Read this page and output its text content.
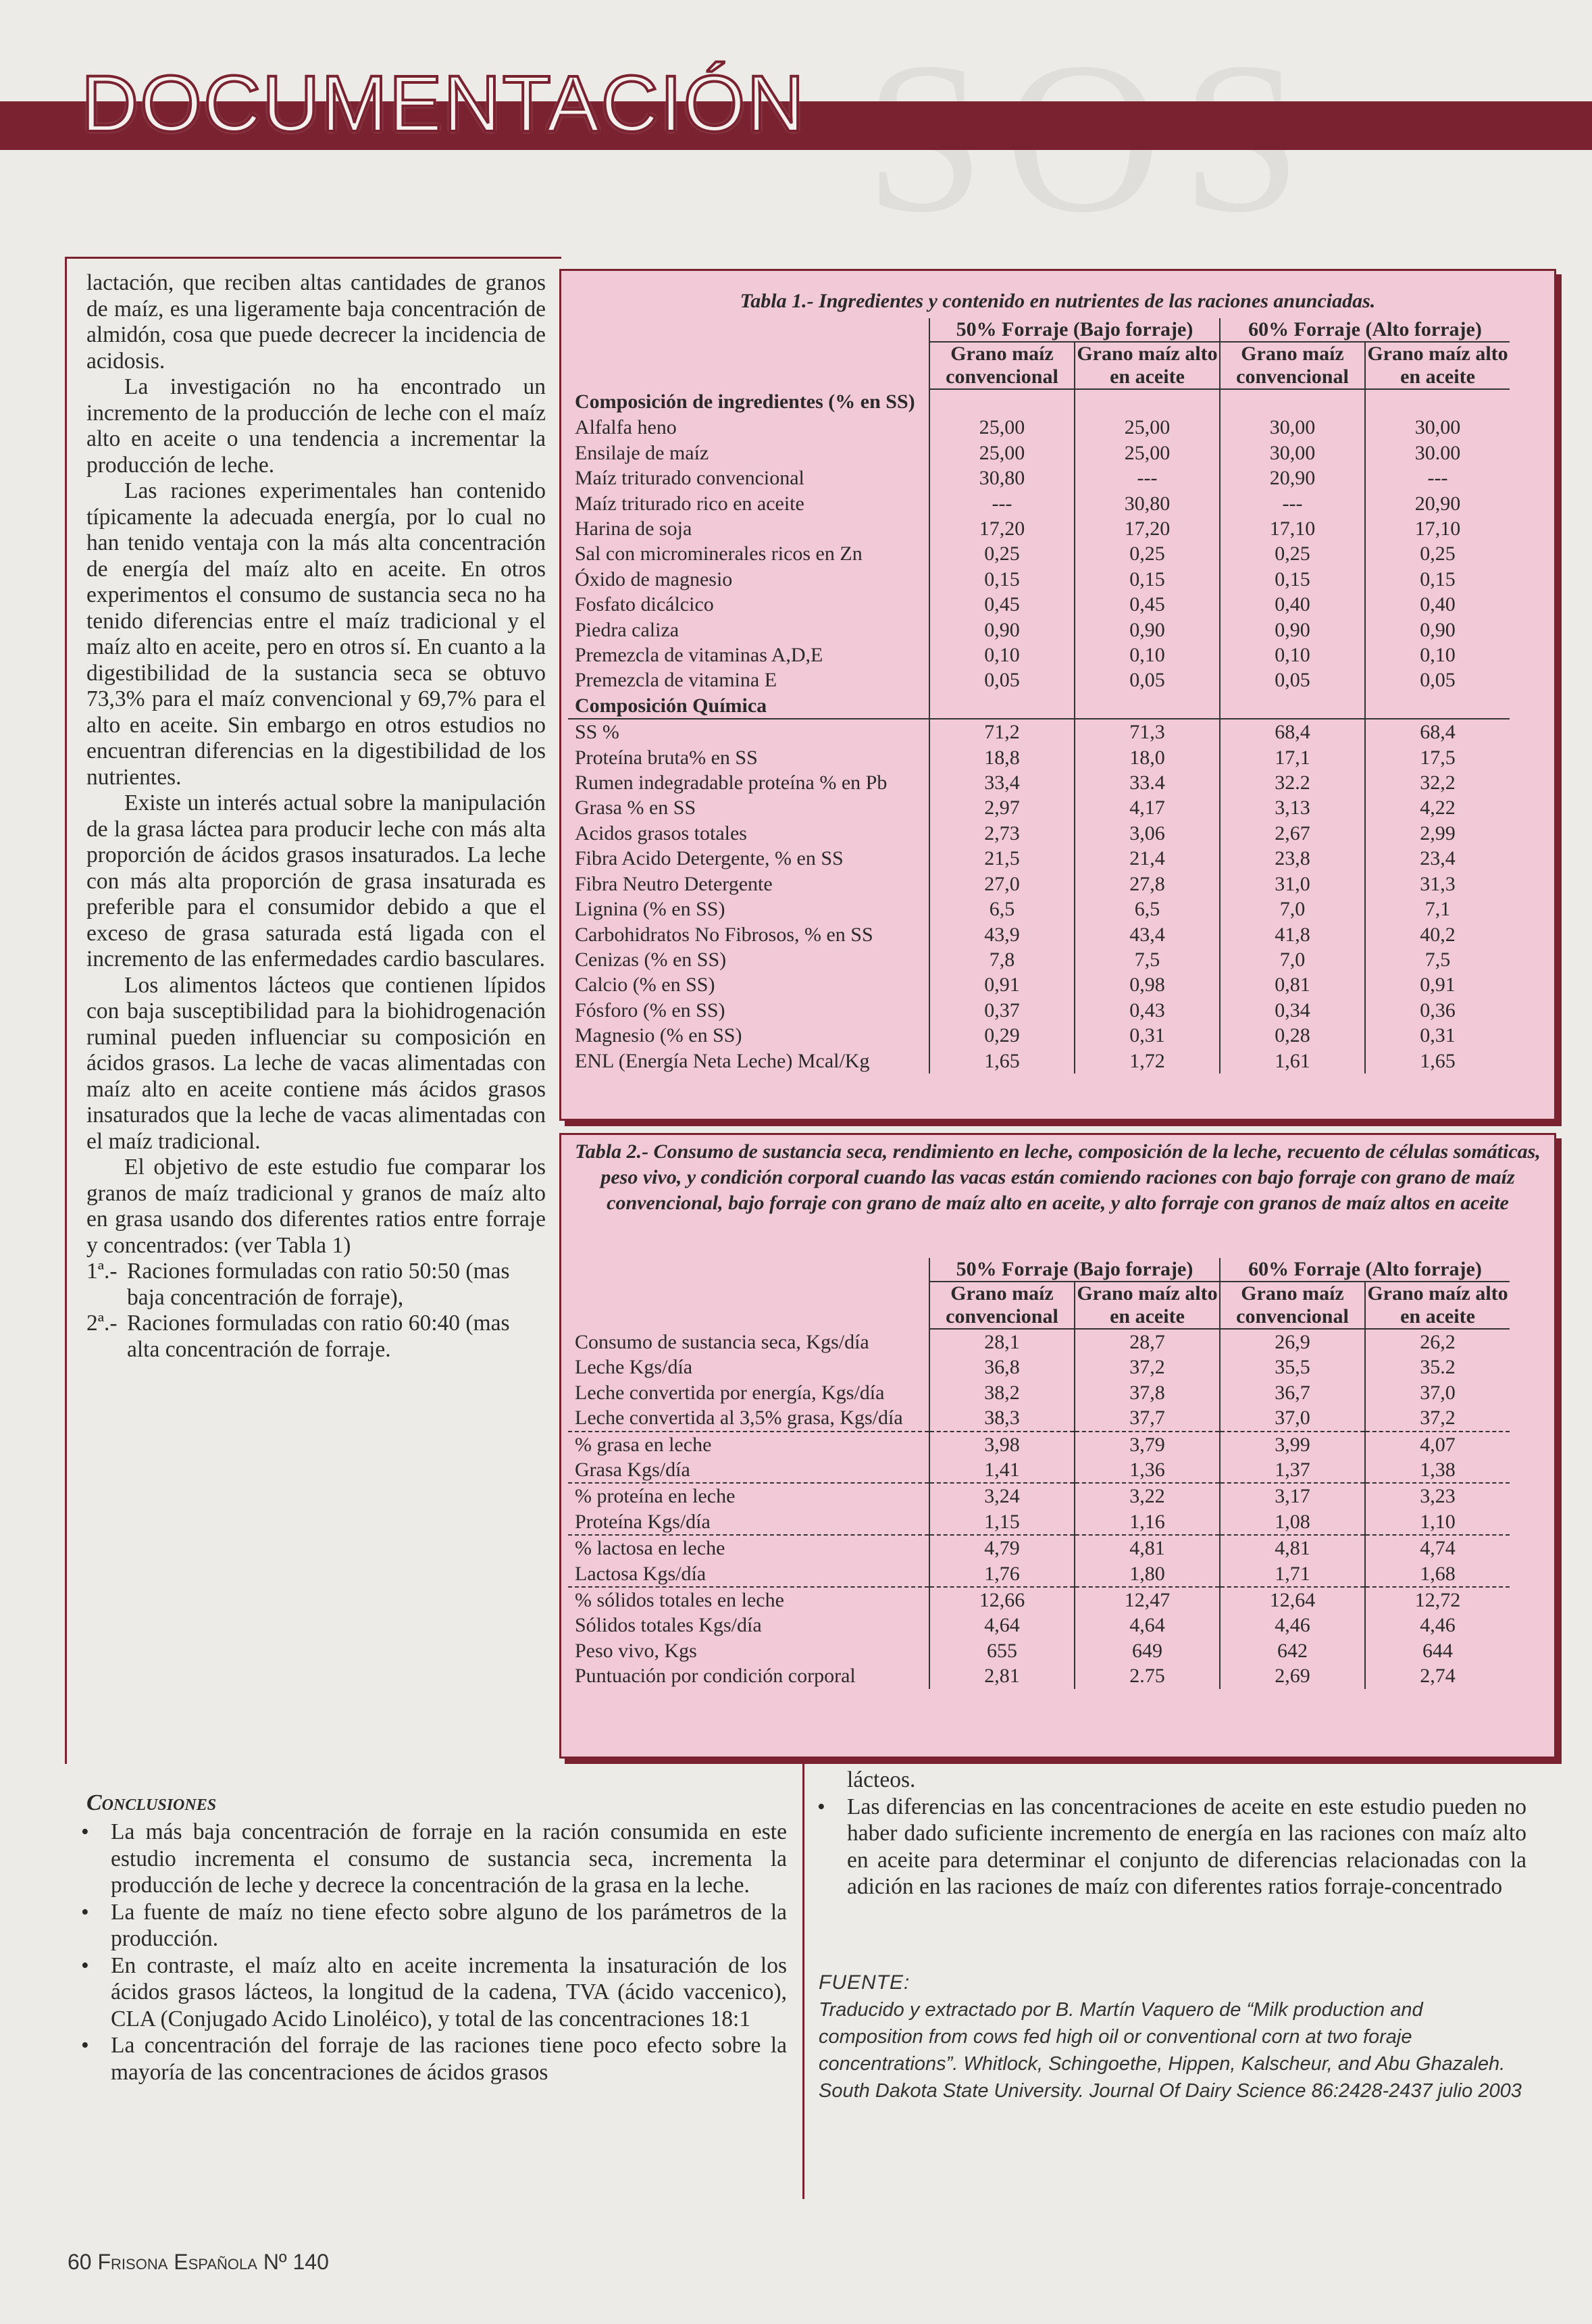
DOCUMENTACIÓN

lactación, que reciben altas cantidades de granos de maíz, es una ligeramente baja concentración de almidón, cosa que puede decrecer la incidencia de acidosis.

La investigación no ha encontrado un incremento de la producción de leche con el maíz alto en aceite o una tendencia a incrementar la producción de leche.

Las raciones experimentales han contenido típicamente la adecuada energía, por lo cual no han tenido ventaja con la más alta concentración de energía del maíz alto en aceite. En otros experimentos el consumo de sustancia seca no ha tenido diferencias entre el maíz tradicional y el maíz alto en aceite, pero en otros sí. En cuanto a la digestibilidad de la sustancia seca se obtuvo 73,3% para el maíz convencional y 69,7% para el alto en aceite. Sin embargo en otros estudios no encuentran diferencias en la digestibilidad de los nutrientes.

Existe un interés actual sobre la manipulación de la grasa láctea para producir leche con más alta proporción de ácidos grasos insaturados. La leche con más alta proporción de grasa insaturada es preferible para el consumidor debido a que el exceso de grasa saturada está ligada con el incremento de las enfermedades cardio basculares.

Los alimentos lácteos que contienen lípidos con baja susceptibilidad para la biohidrogenación ruminal pueden influenciar su composición en ácidos grasos. La leche de vacas alimentadas con maíz alto en aceite contiene más ácidos grasos insaturados que la leche de vacas alimentadas con el maíz tradicional.

El objetivo de este estudio fue comparar los granos de maíz tradicional y granos de maíz alto en grasa usando dos diferentes ratios entre forraje y concentrados: (ver Tabla 1)

1ª.- Raciones formuladas con ratio 50:50 (mas baja concentración de forraje),

2ª.- Raciones formuladas con ratio 60:40 (mas alta concentración de forraje.

Tabla 1.- Ingredientes y contenido en nutrientes de las raciones anunciadas.
	50% Forraje (Bajo forraje)		60% Forraje (Alto forraje)	
	Grano maíz convencional	Grano maíz alto en aceite	Grano maíz convencional	Grano maíz alto en aceite
Composición de ingredientes (% en SS)				
Alfalfa heno	25,00	25,00	30,00	30,00
Ensilaje de maíz	25,00	25,00	30,00	30.00
Maíz triturado convencional	30,80	---	20,90	---
Maíz triturado rico en aceite	---	30,80	---	20,90
Harina de soja	17,20	17,20	17,10	17,10
Sal con microminerales ricos en Zn	0,25	0,25	0,25	0,25
Óxido de magnesio	0,15	0,15	0,15	0,15
Fosfato dicálcico	0,45	0,45	0,40	0,40
Piedra caliza	0,90	0,90	0,90	0,90
Premezcla de vitaminas A,D,E	0,10	0,10	0,10	0,10
Premezcla de vitamina E	0,05	0,05	0,05	0,05
Composición Química				
SS %	71,2	71,3	68,4	68,4
Proteína bruta% en SS	18,8	18,0	17,1	17,5
Rumen indegradable proteína % en Pb	33,4	33.4	32.2	32,2
Grasa % en SS	2,97	4,17	3,13	4,22
Acidos grasos totales	2,73	3,06	2,67	2,99
Fibra Acido Detergente, % en SS	21,5	21,4	23,8	23,4
Fibra Neutro Detergente	27,0	27,8	31,0	31,3
Lignina (% en SS)	6,5	6,5	7,0	7,1
Carbohidratos No Fibrosos, % en SS	43,9	43,4	41,8	40,2
Cenizas (% en SS)	7,8	7,5	7,0	7,5
Calcio (% en SS)	0,91	0,98	0,81	0,91
Fósforo (% en SS)	0,37	0,43	0,34	0,36
Magnesio (% en SS)	0,29	0,31	0,28	0,31
ENL (Energía Neta Leche) Mcal/Kg	1,65	1,72	1,61	1,65
Tabla 2.- Consumo de sustancia seca, rendimiento en leche, composición de la leche, recuento de células somáticas, peso vivo, y condición corporal cuando las vacas están comiendo raciones con bajo forraje con grano de maíz convencional, bajo forraje con grano de maíz alto en aceite, y alto forraje con granos de maíz altos en aceite
	50% Forraje (Bajo forraje)		60% Forraje (Alto forraje)	
	Grano maíz convencional	Grano maíz alto en aceite	Grano maíz convencional	Grano maíz alto en aceite
Consumo de sustancia seca, Kgs/día	28,1	28,7	26,9	26,2
Leche Kgs/día	36,8	37,2	35,5	35.2
Leche convertida por energía, Kgs/día	38,2	37,8	36,7	37,0
Leche convertida al 3,5% grasa, Kgs/día	38,3	37,7	37,0	37,2
% grasa en leche	3,98	3,79	3,99	4,07
Grasa Kgs/día	1,41	1,36	1,37	1,38
% proteína en leche	3,24	3,22	3,17	3,23
Proteína Kgs/día	1,15	1,16	1,08	1,10
% lactosa en leche	4,79	4,81	4,81	4,74
Lactosa Kgs/día	1,76	1,80	1,71	1,68
% sólidos totales en leche	12,66	12,47	12,64	12,72
Sólidos totales Kgs/día	4,64	4,64	4,46	4,46
Peso vivo, Kgs	655	649	642	644
Puntuación por condición corporal	2,81	2.75	2,69	2,74
Conclusiones
• La más baja concentración de forraje en la ración consumida en este estudio incrementa el consumo de sustancia seca, incrementa la producción de leche y decrece la concentración de la grasa en la leche.
• La fuente de maíz no tiene efecto sobre alguno de los parámetros de la producción.
• En contraste, el maíz alto en aceite incrementa la insaturación de los ácidos grasos lácteos, la longitud de la cadena, TVA (ácido vaccenico), CLA (Conjugado Acido Linoléico), y total de las concentraciones 18:1
• La concentración del forraje de las raciones tiene poco efecto sobre la mayoría de las concentraciones de ácidos grasos
lácteos.
• Las diferencias en las concentraciones de aceite en este estudio pueden no haber dado suficiente incremento de energía en las raciones con maíz alto en aceite para determinar el conjunto de diferencias relacionadas con la adición en las raciones de maíz con diferentes ratios forraje-concentrado
FUENTE:
Traducido y extractado por B. Martín Vaquero de “Milk production and composition from cows fed high oil or conventional corn at two foraje concentrations”. Whitlock, Schingoethe, Hippen, Kalscheur, and Abu Ghazaleh. South Dakota State University. Journal Of Dairy Science 86:2428-2437 julio 2003
60 Frisona Española Nº 140
